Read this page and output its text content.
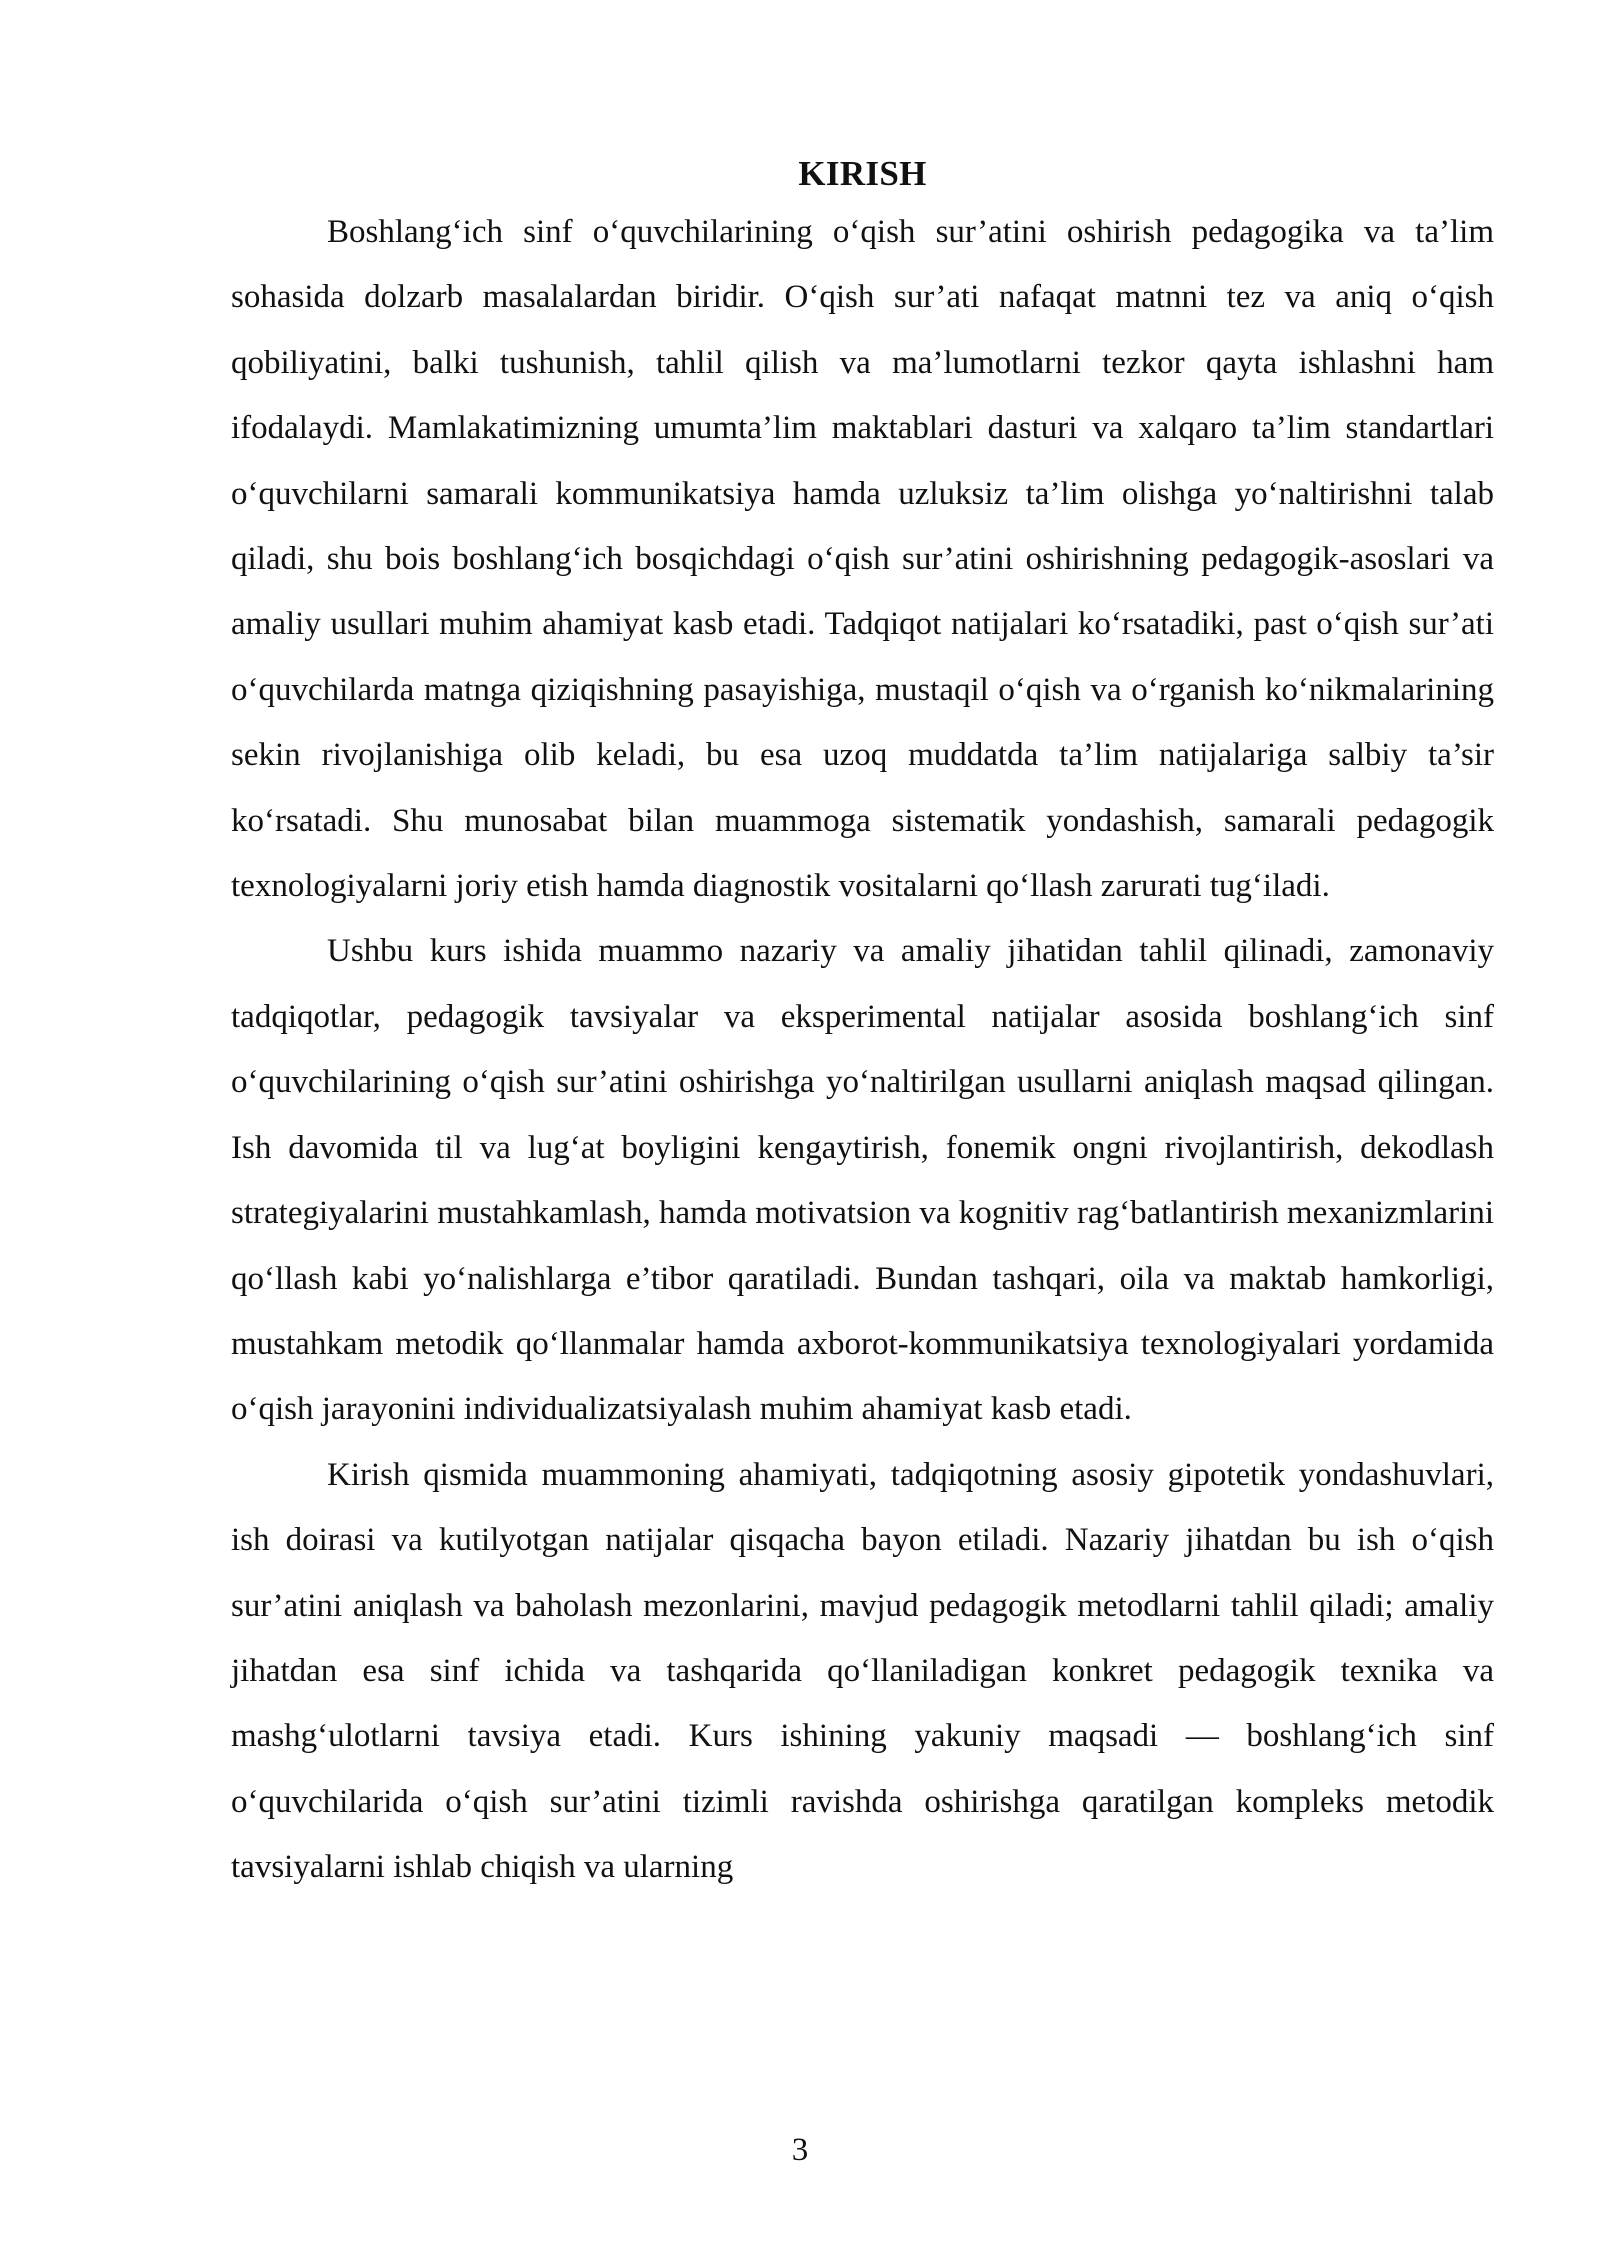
KIRISH

Boshlang‘ich sinf o‘quvchilarining o‘qish sur’atini oshirish pedagogika va ta’lim sohasida dolzarb masalalardan biridir. O‘qish sur’ati nafaqat matnni tez va aniq o‘qish qobiliyatini, balki tushunish, tahlil qilish va ma’lumotlarni tezkor qayta ishlashni ham ifodalaydi. Mamlakatimizning umumta’lim maktablari dasturi va xalqaro ta’lim standartlari o‘quvchilarni samarali kommunikatsiya hamda uzluksiz ta’lim olishga yo‘naltirishni talab qiladi, shu bois boshlang‘ich bosqichdagi o‘qish sur’atini oshirishning pedagogik-asoslari va amaliy usullari muhim ahamiyat kasb etadi. Tadqiqot natijalari ko‘rsatadiki, past o‘qish sur’ati o‘quvchilarda matnga qiziqishning pasayishiga, mustaqil o‘qish va o‘rganish ko‘nikmalarining sekin rivojlanishiga olib keladi, bu esa uzoq muddatda ta’lim natijalariga salbiy ta’sir ko‘rsatadi. Shu munosabat bilan muammoga sistematik yondashish, samarali pedagogik texnologiyalarni joriy etish hamda diagnostik vositalarni qo‘llash zarurati tug‘iladi.

Ushbu kurs ishida muammo nazariy va amaliy jihatidan tahlil qilinadi, zamonaviy tadqiqotlar, pedagogik tavsiyalar va eksperimental natijalar asosida boshlang‘ich sinf o‘quvchilarining o‘qish sur’atini oshirishga yo‘naltirilgan usullarni aniqlash maqsad qilingan. Ish davomida til va lug‘at boyligini kengaytirish, fonemik ongni rivojlantirish, dekodlash strategiyalarini mustahkamlash, hamda motivatsion va kognitiv rag‘batlantirish mexanizmlarini qo‘llash kabi yo‘nalishlarga e’tibor qaratiladi. Bundan tashqari, oila va maktab hamkorligi, mustahkam metodik qo‘llanmalar hamda axborot-kommunikatsiya texnologiyalari yordamida o‘qish jarayonini individualizatsiyalash muhim ahamiyat kasb etadi.

Kirish qismida muammoning ahamiyati, tadqiqotning asosiy gipotetik yondashuvlari, ish doirasi va kutilyotgan natijalar qisqacha bayon etiladi. Nazariy jihatdan bu ish o‘qish sur’atini aniqlash va baholash mezonlarini, mavjud pedagogik metodlarni tahlil qiladi; amaliy jihatdan esa sinf ichida va tashqarida qo‘llaniladigan konkret pedagogik texnika va mashg‘ulotlarni tavsiya etadi. Kurs ishining yakuniy maqsadi — boshlang‘ich sinf o‘quvchilarida o‘qish sur’atini tizimli ravishda oshirishga qaratilgan kompleks metodik tavsiyalarni ishlab chiqish va ularning

3
